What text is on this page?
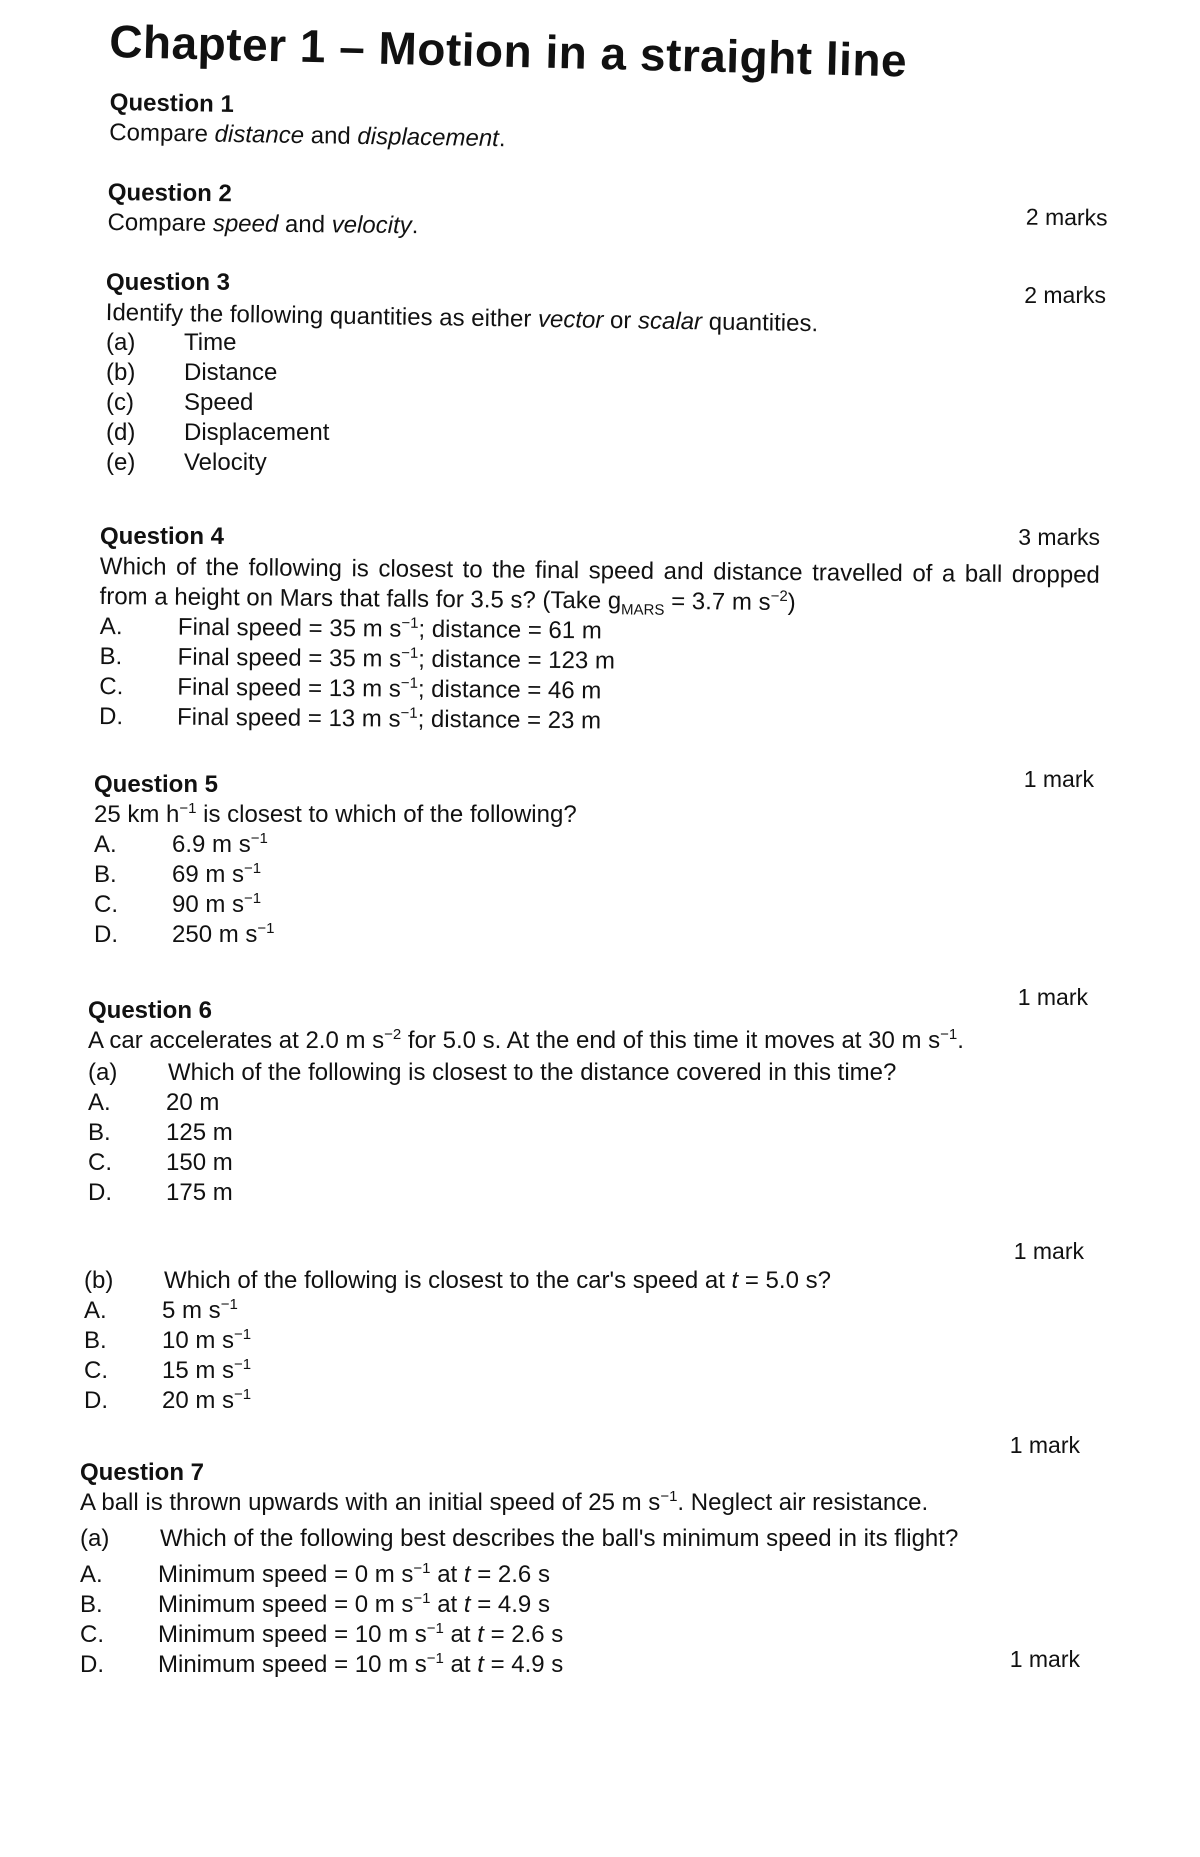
Chapter 1 – Motion in a straight line
Question 1
Compare distance and displacement.
2 marks
Question 2
Compare speed and velocity.
2 marks
Question 3
Identify the following quantities as either vector or scalar quantities.
(a)	Time
(b)	Distance
(c)	Speed
(d)	Displacement
(e)	Velocity
3 marks
Question 4
Which of the following is closest to the final speed and distance travelled of a ball dropped from a height on Mars that falls for 3.5 s? (Take $g_{MARS} = 3.7$ m $s^{-2}$)
A.	Final speed = 35 m $s^{-1}$; distance = 61 m
B.	Final speed = 35 m $s^{-1}$; distance = 123 m
C.	Final speed = 13 m $s^{-1}$; distance = 46 m
D.	Final speed = 13 m $s^{-1}$; distance = 23 m
1 mark
Question 5
25 km $h^{-1}$ is closest to which of the following?
A.	6.9 m $s^{-1}$
B.	69 m $s^{-1}$
C.	90 m $s^{-1}$
D.	250 m $s^{-1}$
1 mark
Question 6
A car accelerates at 2.0 m $s^{-2}$ for 5.0 s. At the end of this time it moves at 30 m $s^{-1}$.
(a)	Which of the following is closest to the distance covered in this time?
A.	20 m
B.	125 m
C.	150 m
D.	175 m
1 mark
(b)	Which of the following is closest to the car's speed at t = 5.0 s?
A.	5 m $s^{-1}$
B.	10 m $s^{-1}$
C.	15 m $s^{-1}$
D.	20 m $s^{-1}$
1 mark
Question 7
A ball is thrown upwards with an initial speed of 25 m $s^{-1}$. Neglect air resistance.
(a)	Which of the following best describes the ball's minimum speed in its flight?
A.	Minimum speed = 0 m $s^{-1}$ at t = 2.6 s
B.	Minimum speed = 0 m $s^{-1}$ at t = 4.9 s
C.	Minimum speed = 10 m $s^{-1}$ at t = 2.6 s
D.	Minimum speed = 10 m $s^{-1}$ at t = 4.9 s	1 mark
